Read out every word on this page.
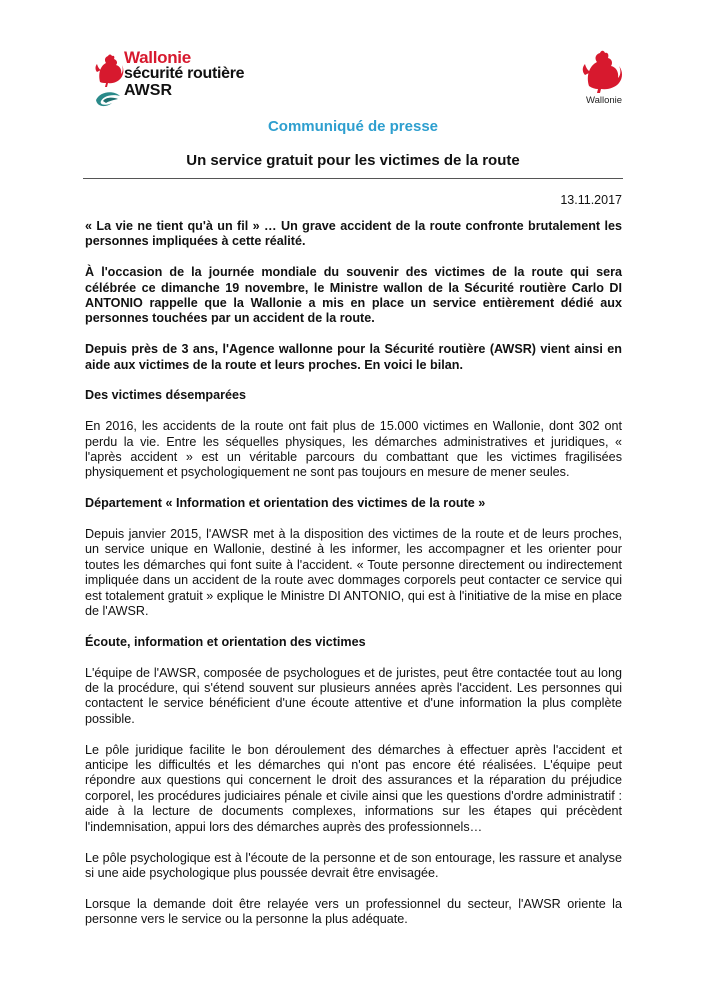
Wallonie
sécurité routière
AWSR
Wallonie
Communiqué de presse
Un service gratuit pour les victimes de la route
13.11.2017

« La vie ne tient qu'à un fil » … Un grave accident de la route confronte brutalement les personnes impliquées à cette réalité.

À l'occasion de la journée mondiale du souvenir des victimes de la route qui sera célébrée ce dimanche 19 novembre, le Ministre wallon de la Sécurité routière Carlo DI ANTONIO rappelle que la Wallonie a mis en place un service entièrement dédié aux personnes touchées par un accident de la route.

Depuis près de 3 ans, l'Agence wallonne pour la Sécurité routière (AWSR) vient ainsi en aide aux victimes de la route et leurs proches. En voici le bilan.

Des victimes désemparées

En 2016, les accidents de la route ont fait plus de 15.000 victimes en Wallonie, dont 302 ont perdu la vie. Entre les séquelles physiques, les démarches administratives et juridiques, « l'après accident » est un véritable parcours du combattant que les victimes fragilisées physiquement et psychologiquement ne sont pas toujours en mesure de mener seules.

Département « Information et orientation des victimes de la route »

Depuis janvier 2015, l'AWSR met à la disposition des victimes de la route et de leurs proches, un service unique en Wallonie, destiné à les informer, les accompagner et les orienter pour toutes les démarches qui font suite à l'accident. « Toute personne directement ou indirectement impliquée dans un accident de la route avec dommages corporels peut contacter ce service qui est totalement gratuit » explique le Ministre DI ANTONIO, qui est à l'initiative de la mise en place de l'AWSR.

Écoute, information et orientation des victimes

L'équipe de l'AWSR, composée de psychologues et de juristes, peut être contactée tout au long de la procédure, qui s'étend souvent sur plusieurs années après l'accident. Les personnes qui contactent le service bénéficient d'une écoute attentive et d'une information la plus complète possible.

Le pôle juridique facilite le bon déroulement des démarches à effectuer après l'accident et anticipe les difficultés et les démarches qui n'ont pas encore été réalisées. L'équipe peut répondre aux questions qui concernent le droit des assurances et la réparation du préjudice corporel, les procédures judiciaires pénale et civile ainsi que les questions d'ordre administratif : aide à la lecture de documents complexes, informations sur les étapes qui précèdent l'indemnisation, appui lors des démarches auprès des professionnels…

Le pôle psychologique est à l'écoute de la personne et de son entourage, les rassure et analyse si une aide psychologique plus poussée devrait être envisagée.

Lorsque la demande doit être relayée vers un professionnel du secteur, l'AWSR oriente la personne vers le service ou la personne la plus adéquate.
